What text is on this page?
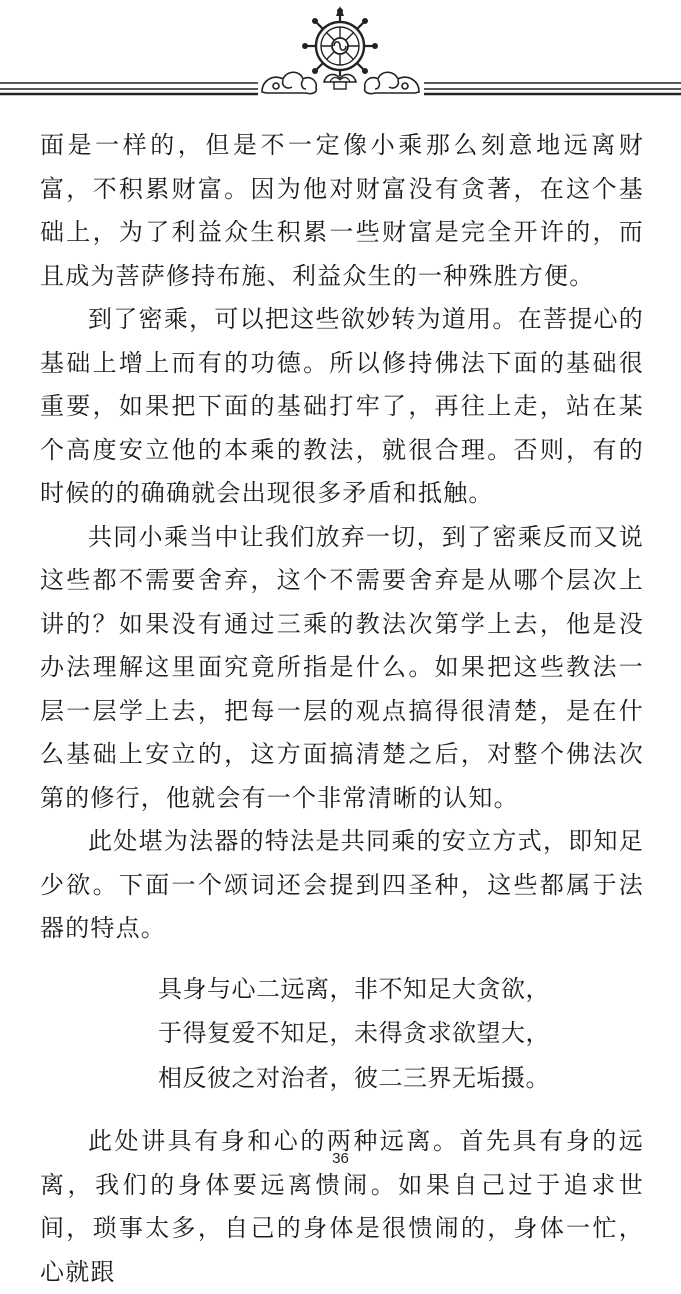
面是一样的，但是不一定像小乘那么刻意地远离财富，不积累财富。因为他对财富没有贪著，在这个基础上，为了利益众生积累一些财富是完全开许的，而且成为菩萨修持布施、利益众生的一种殊胜方便。

到了密乘，可以把这些欲妙转为道用。在菩提心的基础上增上而有的功德。所以修持佛法下面的基础很重要，如果把下面的基础打牢了，再往上走，站在某个高度安立他的本乘的教法，就很合理。否则，有的时候的的确确就会出现很多矛盾和抵触。

共同小乘当中让我们放弃一切，到了密乘反而又说这些都不需要舍弃，这个不需要舍弃是从哪个层次上讲的？如果没有通过三乘的教法次第学上去，他是没办法理解这里面究竟所指是什么。如果把这些教法一层一层学上去，把每一层的观点搞得很清楚，是在什么基础上安立的，这方面搞清楚之后，对整个佛法次第的修行，他就会有一个非常清晰的认知。

此处堪为法器的特法是共同乘的安立方式，即知足少欲。下面一个颂词还会提到四圣种，这些都属于法器的特点。

具身与心二远离，非不知足大贪欲，
于得复爱不知足，未得贪求欲望大，
相反彼之对治者，彼二三界无垢摄。

此处讲具有身和心的两种远离。首先具有身的远离，我们的身体要远离愦闹。如果自己过于追求世间，琐事太多，自己的身体是很愦闹的，身体一忙，心就跟

36
